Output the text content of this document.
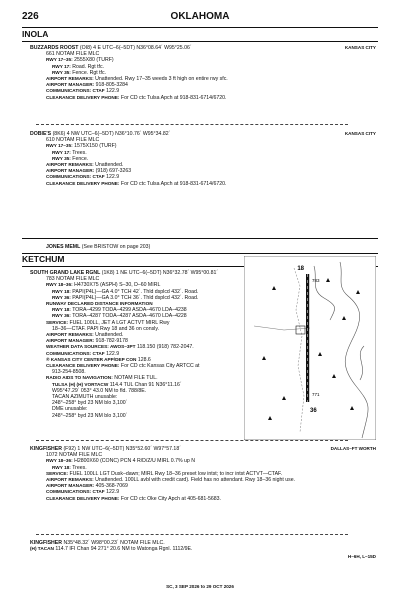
226	OKLAHOMA
INOLA
BUZZARDS ROOST (OI8) 4 E UTC–6(–5DT) N36°08.64´ W95°25.06´
661 NOTAM FILE MLC
RWY 17–35: 2555X80 (TURF)
RWY 17: Road. Rgt tfc.
RWY 35: Fence. Rgt tfc.
AIRPORT REMARKS: Unattended. Rwy 17–35 weeds 3 ft high on entire rwy sfc.
AIRPORT MANAGER: 918-805-3284
COMMUNICATIONS: CTAF 122.9
CLEARANCE DELIVERY PHONE: For CD ctc Tulsa Apch at 918-831-6714/6720.
KANSAS CITY
DOBIE'S (8K6) 4 NW UTC–6(–5DT) N36°10.76´ W95°34.82´
610 NOTAM FILE MLC
RWY 17–35: 1575X150 (TURF)
RWY 17: Trees.
RWY 35: Fence.
AIRPORT REMARKS: Unattended.
AIRPORT MANAGER: (918) 697-3263
COMMUNICATIONS: CTAF 122.9
CLEARANCE DELIVERY PHONE: For CD ctc Tulsa Apch at 918-831-6714/6720.
KANSAS CITY
JONES MEML (See BRISTOW on page 203)
KETCHUM
SOUTH GRAND LAKE RGNL (1K8) 1 NE UTC–6(–5DT) N36°32.78´ W95°00.81´
783 NOTAM FILE MLC
RWY 18–36: H4730X75 (ASPH) S–30, D–60 MIRL
RWY 18: PAPI(P4L)—GA 4.0° TCH 42´. Thld dsplcd 432´. Road.
RWY 36: PAPI(P4L)—GA 3.0° TCH 36´. Thld dsplcd 432´. Road.
RUNWAY DECLARED DISTANCE INFORMATION
RWY 18: TORA–4299 TODA–4299 ASDA–4670 LDA–4238
RWY 36: TORA–4287 TODA–4287 ASDA–4670 LDA–4228
SERVICE: FUEL 100LL, JET A LGT ACTVT MIRL Rwy
18–36—CTAF. PAPI Rwy 18 and 36 on consly.
AIRPORT REMARKS: Unattended.
AIRPORT MANAGER: 918-782-9178
WEATHER DATA SOURCES: AWOS–3PT 118.150 (918) 782-2047.
COMMUNICATIONS: CTAF 122.9
® KANSAS CITY CENTER APP/DEP CON 128.6
CLEARANCE DELIVERY PHONE: For CD ctc Kansas City ARTCC at
913-254-8508.
RADIO AIDS TO NAVIGATION: NOTAM FILE TUL.
TULSA (H) (H) VORTACW 114.4 TUL Chan 91 N36°11.16´
W95°47.29´ 053° 43.0 NM to fld. 788/8E.
TACAN AZIMUTH unusable:
248°–258° byd 23 NM blo 3,100´
DME unusable:
248°–258° byd 23 NM blo 3,100´
18
36
783
771
KINGFISHER (F92) 1 NW UTC–6(–5DT) N35°52.60´ W97°57.18´
1072 NOTAM FILE MLC
RWY 18–36: H2800X60 (CONC) PCN 4 R/D/Z/U MIRL 0.7% up N
RWY 18: Trees.
SERVICE: FUEL 100LL LGT Dusk–dawn; MIRL Rwy 18–36 preset low intst; to incr intst ACTVT—CTAF.
AIRPORT REMARKS: Unattended. 100LL avbl with credit card). Field has no attendant. Rwy 18–36 night use.
AIRPORT MANAGER: 405-368-7069
COMMUNICATIONS: CTAF 122.9
CLEARANCE DELIVERY PHONE: For CD ctc Oke City Apch at 405-681-5683.
DALLAS–FT WORTH
KINGFISHER N35°48.32´ W98°00.23´ NOTAM FILE MLC.
(H) TACAN 114.7 IFI Chan 94 271° 20.6 NM to Watonga Rgnl. 1112/9E.
H–6H, L–15D
SC, 3 SEP 2026 to 29 OCT 2026
